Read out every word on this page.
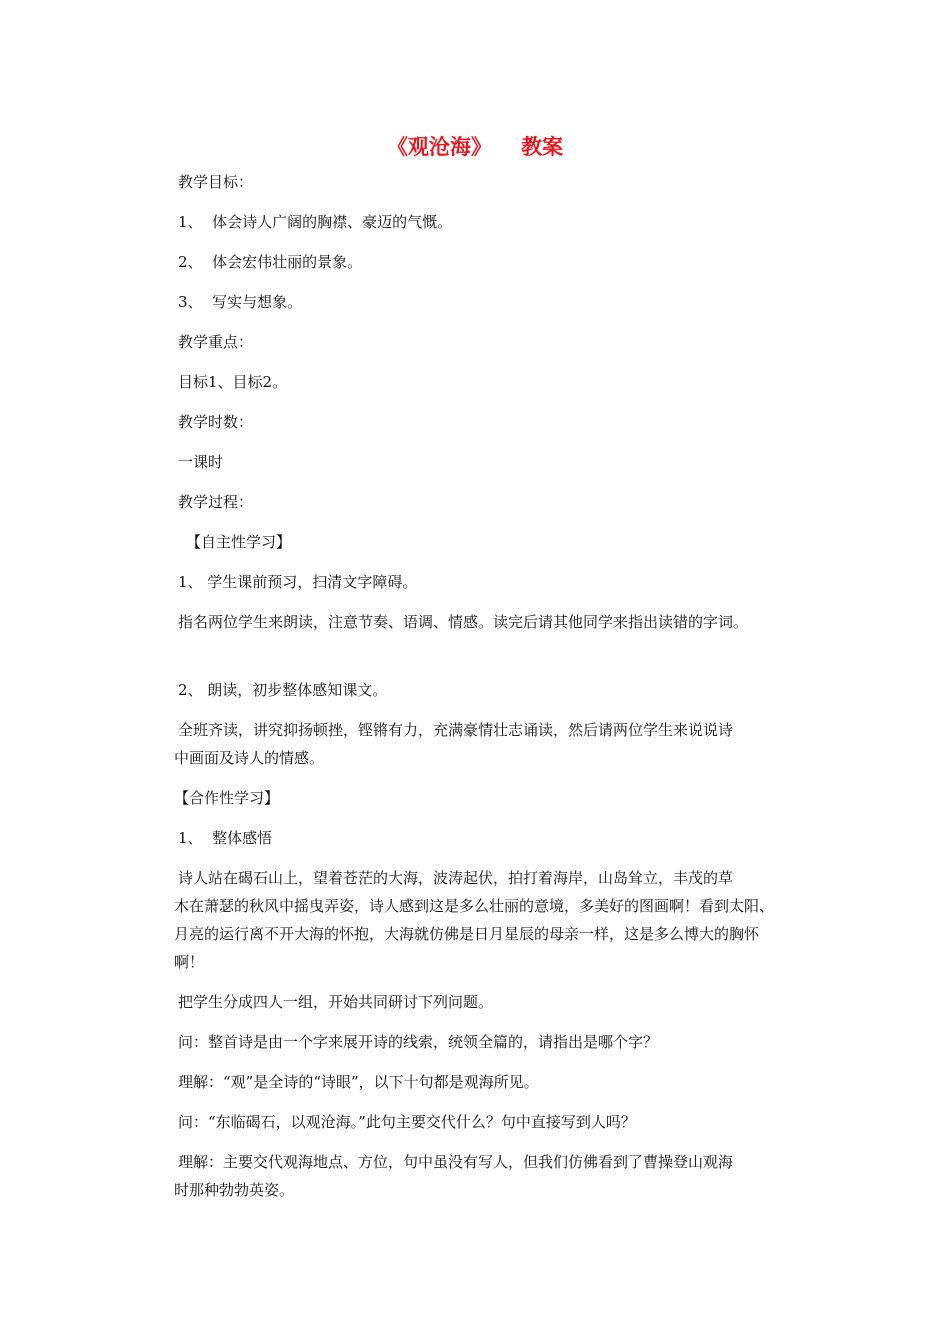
《观沧海》    教案
教学目标：
1、  体会诗人广阔的胸襟、豪迈的气慨。
2、  体会宏伟壮丽的景象。
3、  写实与想象。
教学重点：
目标1、目标2。
教学时数：
一课时
教学过程：
【自主性学习】
1、 学生课前预习，扫清文字障碍。
指名两位学生来朗读，注意节奏、语调、情感。读完后请其他同学来指出读错的字词。
2、 朗读，初步整体感知课文。
全班齐读，讲究抑扬顿挫，铿锵有力，充满豪情壮志诵读，然后请两位学生来说说诗
中画面及诗人的情感。
【合作性学习】
1、  整体感悟
诗人站在碣石山上，望着苍茫的大海，波涛起伏，拍打着海岸，山岛耸立，丰茂的草
木在萧瑟的秋风中摇曳弄姿，诗人感到这是多么壮丽的意境，多美好的图画啊！看到太阳、
月亮的运行离不开大海的怀抱，大海就仿佛是日月星辰的母亲一样，这是多么博大的胸怀
啊！
把学生分成四人一组，开始共同研讨下列问题。
问：整首诗是由一个字来展开诗的线索，统领全篇的，请指出是哪个字？
理解：“观”是全诗的“诗眼”，以下十句都是观海所见。
问：“东临碣石，以观沧海。”此句主要交代什么？句中直接写到人吗？
理解：主要交代观海地点、方位，句中虽没有写人，但我们仿佛看到了曹操登山观海
时那种勃勃英姿。
